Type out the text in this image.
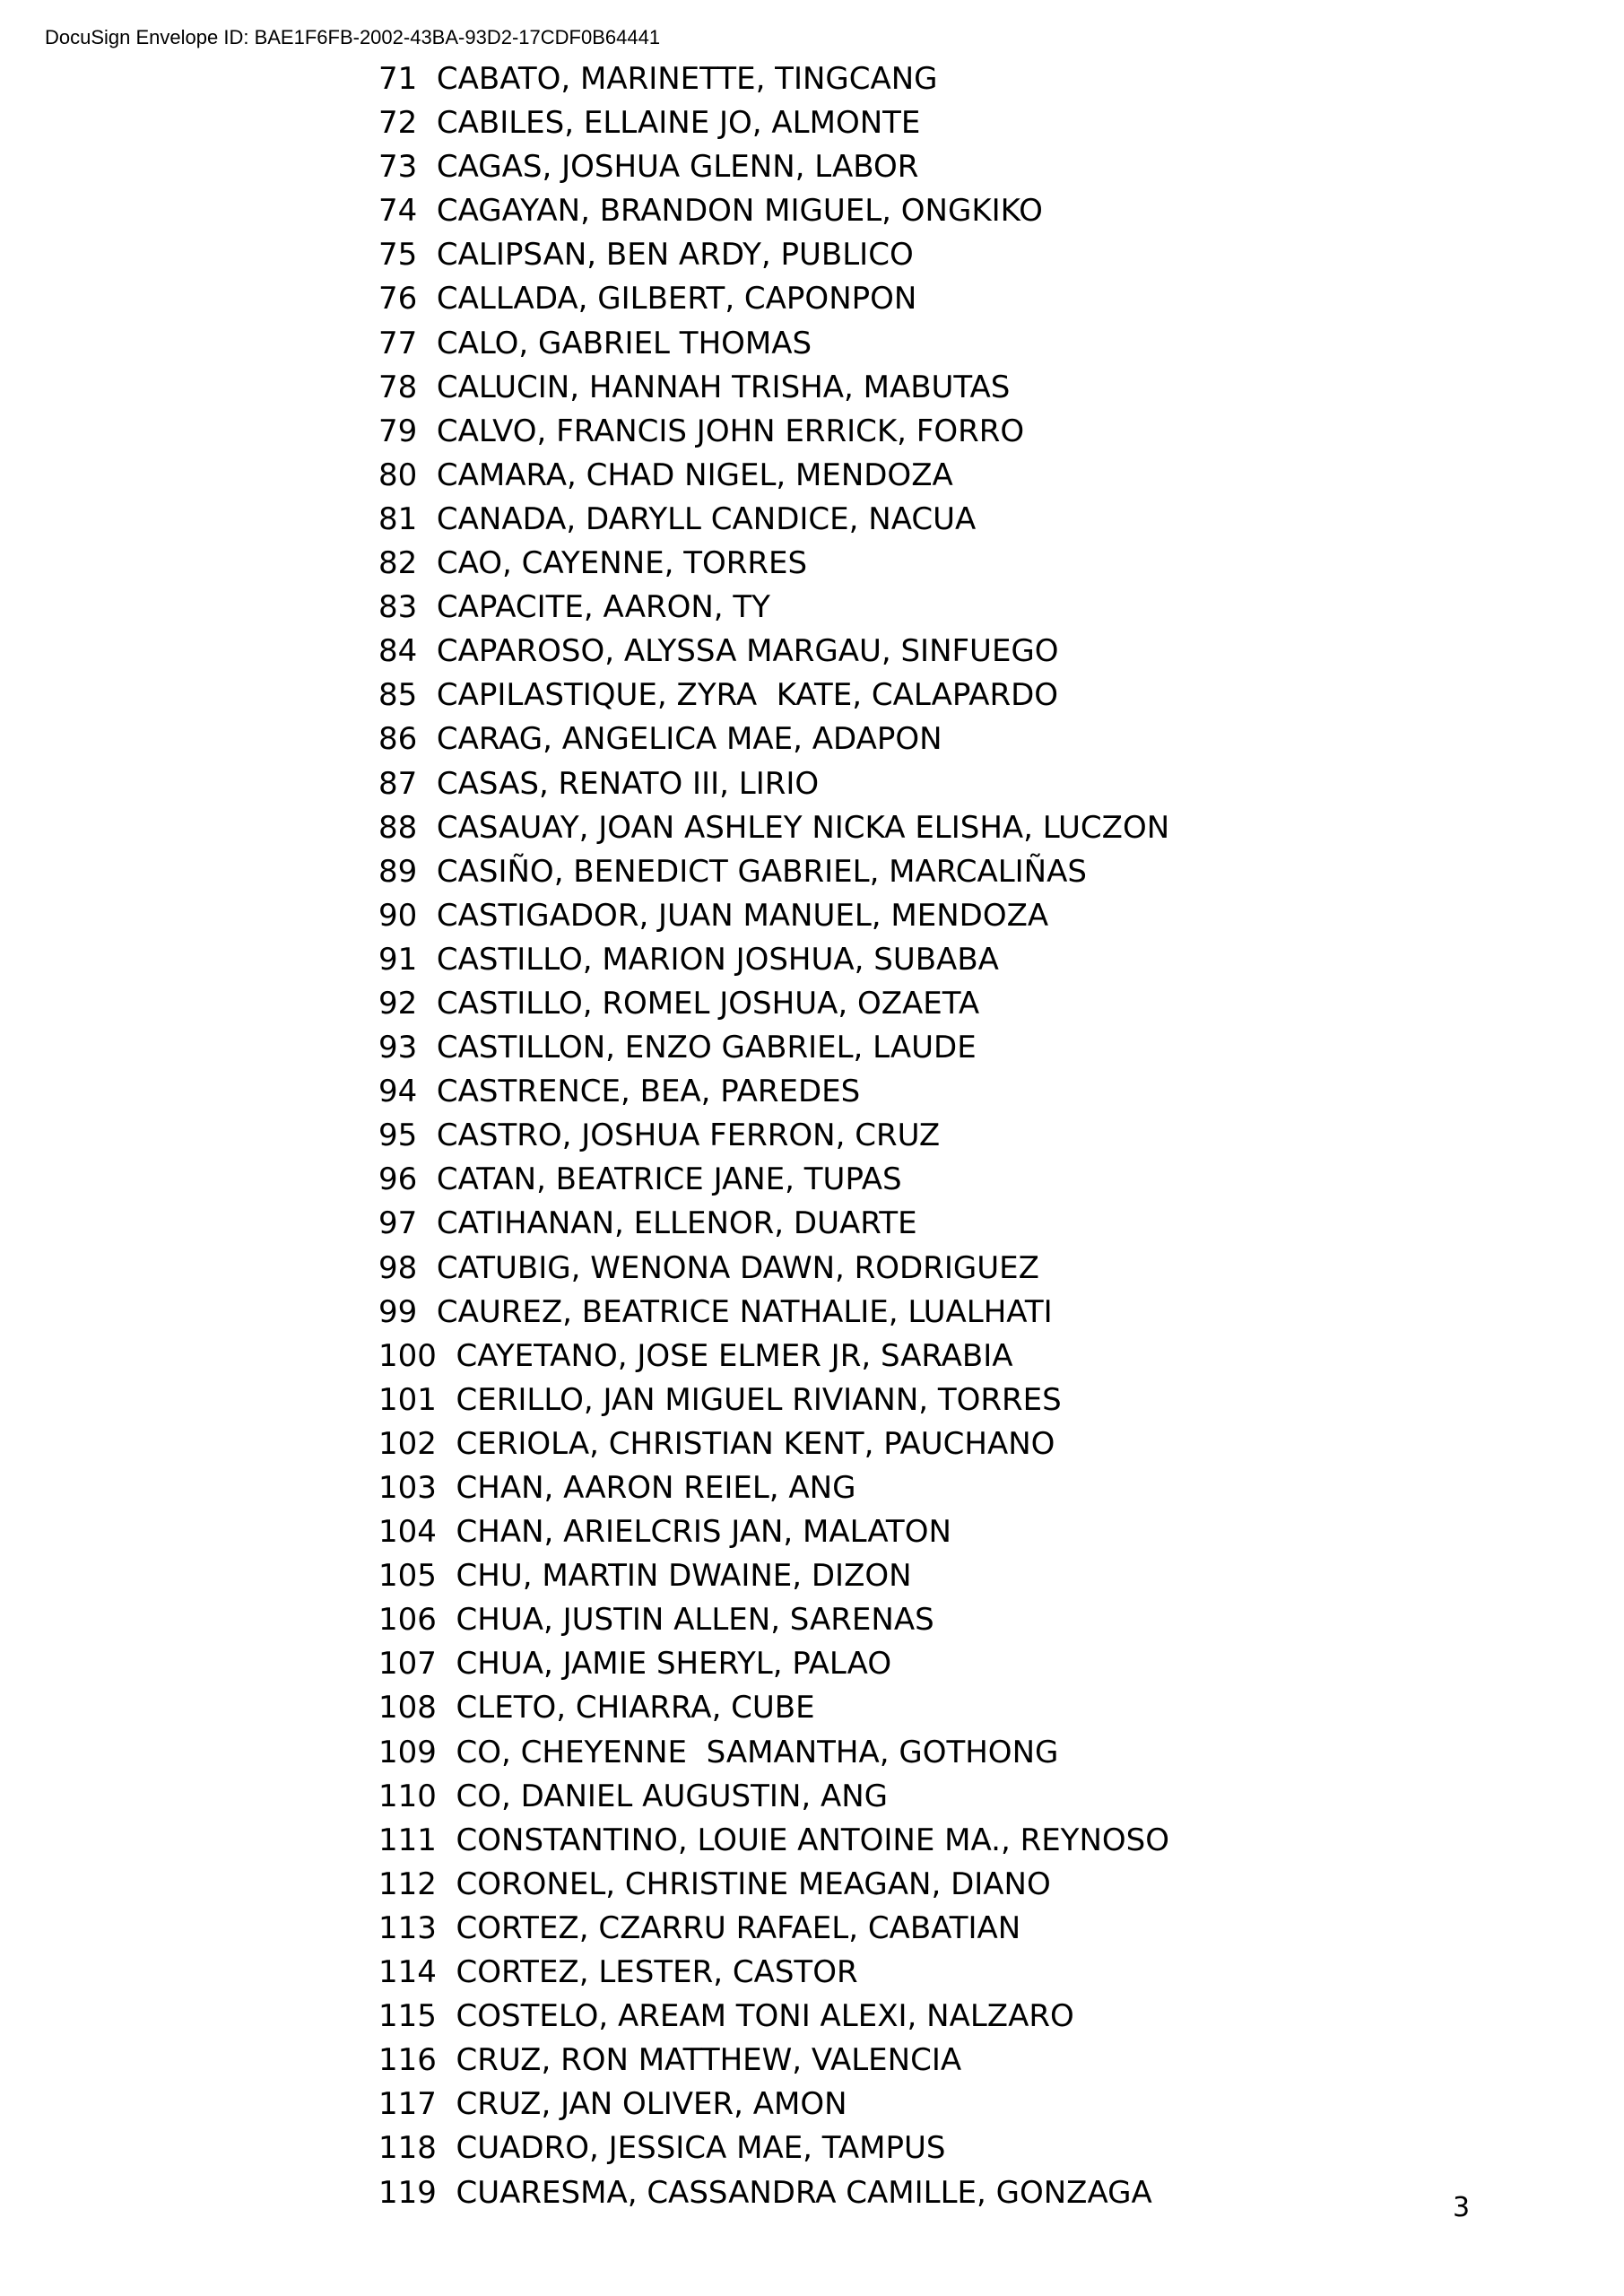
DocuSign Envelope ID: BAE1F6FB-2002-43BA-93D2-17CDF0B64441
71 CABATO, MARINETTE, TINGCANG
72 CABILES, ELLAINE JO, ALMONTE
73 CAGAS, JOSHUA GLENN, LABOR
74 CAGAYAN, BRANDON MIGUEL, ONGKIKO
75 CALIPSAN, BEN ARDY, PUBLICO
76 CALLADA, GILBERT, CAPONPON
77 CALO, GABRIEL THOMAS
78 CALUCIN, HANNAH TRISHA, MABUTAS
79 CALVO, FRANCIS JOHN ERRICK, FORRO
80 CAMARA, CHAD NIGEL, MENDOZA
81 CANADA, DARYLL CANDICE, NACUA
82 CAO, CAYENNE, TORRES
83 CAPACITE, AARON, TY
84 CAPAROSO, ALYSSA MARGAU, SINFUEGO
85 CAPILASTIQUE, ZYRA  KATE, CALAPARDO
86 CARAG, ANGELICA MAE, ADAPON
87 CASAS, RENATO III, LIRIO
88 CASAUAY, JOAN ASHLEY NICKA ELISHA, LUCZON
89 CASIÑO, BENEDICT GABRIEL, MARCALIÑAS
90 CASTIGADOR, JUAN MANUEL, MENDOZA
91 CASTILLO, MARION JOSHUA, SUBABA
92 CASTILLO, ROMEL JOSHUA, OZAETA
93 CASTILLON, ENZO GABRIEL, LAUDE
94 CASTRENCE, BEA, PAREDES
95 CASTRO, JOSHUA FERRON, CRUZ
96 CATAN, BEATRICE JANE, TUPAS
97 CATIHANAN, ELLENOR, DUARTE
98 CATUBIG, WENONA DAWN, RODRIGUEZ
99 CAUREZ, BEATRICE NATHALIE, LUALHATI
100 CAYETANO, JOSE ELMER JR, SARABIA
101 CERILLO, JAN MIGUEL RIVIANN, TORRES
102 CERIOLA, CHRISTIAN KENT, PAUCHANO
103 CHAN, AARON REIEL, ANG
104 CHAN, ARIELCRIS JAN, MALATON
105 CHU, MARTIN DWAINE, DIZON
106 CHUA, JUSTIN ALLEN, SARENAS
107 CHUA, JAMIE SHERYL, PALAO
108 CLETO, CHIARRA, CUBE
109 CO, CHEYENNE  SAMANTHA, GOTHONG
110 CO, DANIEL AUGUSTIN, ANG
111 CONSTANTINO, LOUIE ANTOINE MA., REYNOSO
112 CORONEL, CHRISTINE MEAGAN, DIANO
113 CORTEZ, CZARRU RAFAEL, CABATIAN
114 CORTEZ, LESTER, CASTOR
115 COSTELO, AREAM TONI ALEXI, NALZARO
116 CRUZ, RON MATTHEW, VALENCIA
117 CRUZ, JAN OLIVER, AMON
118 CUADRO, JESSICA MAE, TAMPUS
119 CUARESMA, CASSANDRA CAMILLE, GONZAGA	3
